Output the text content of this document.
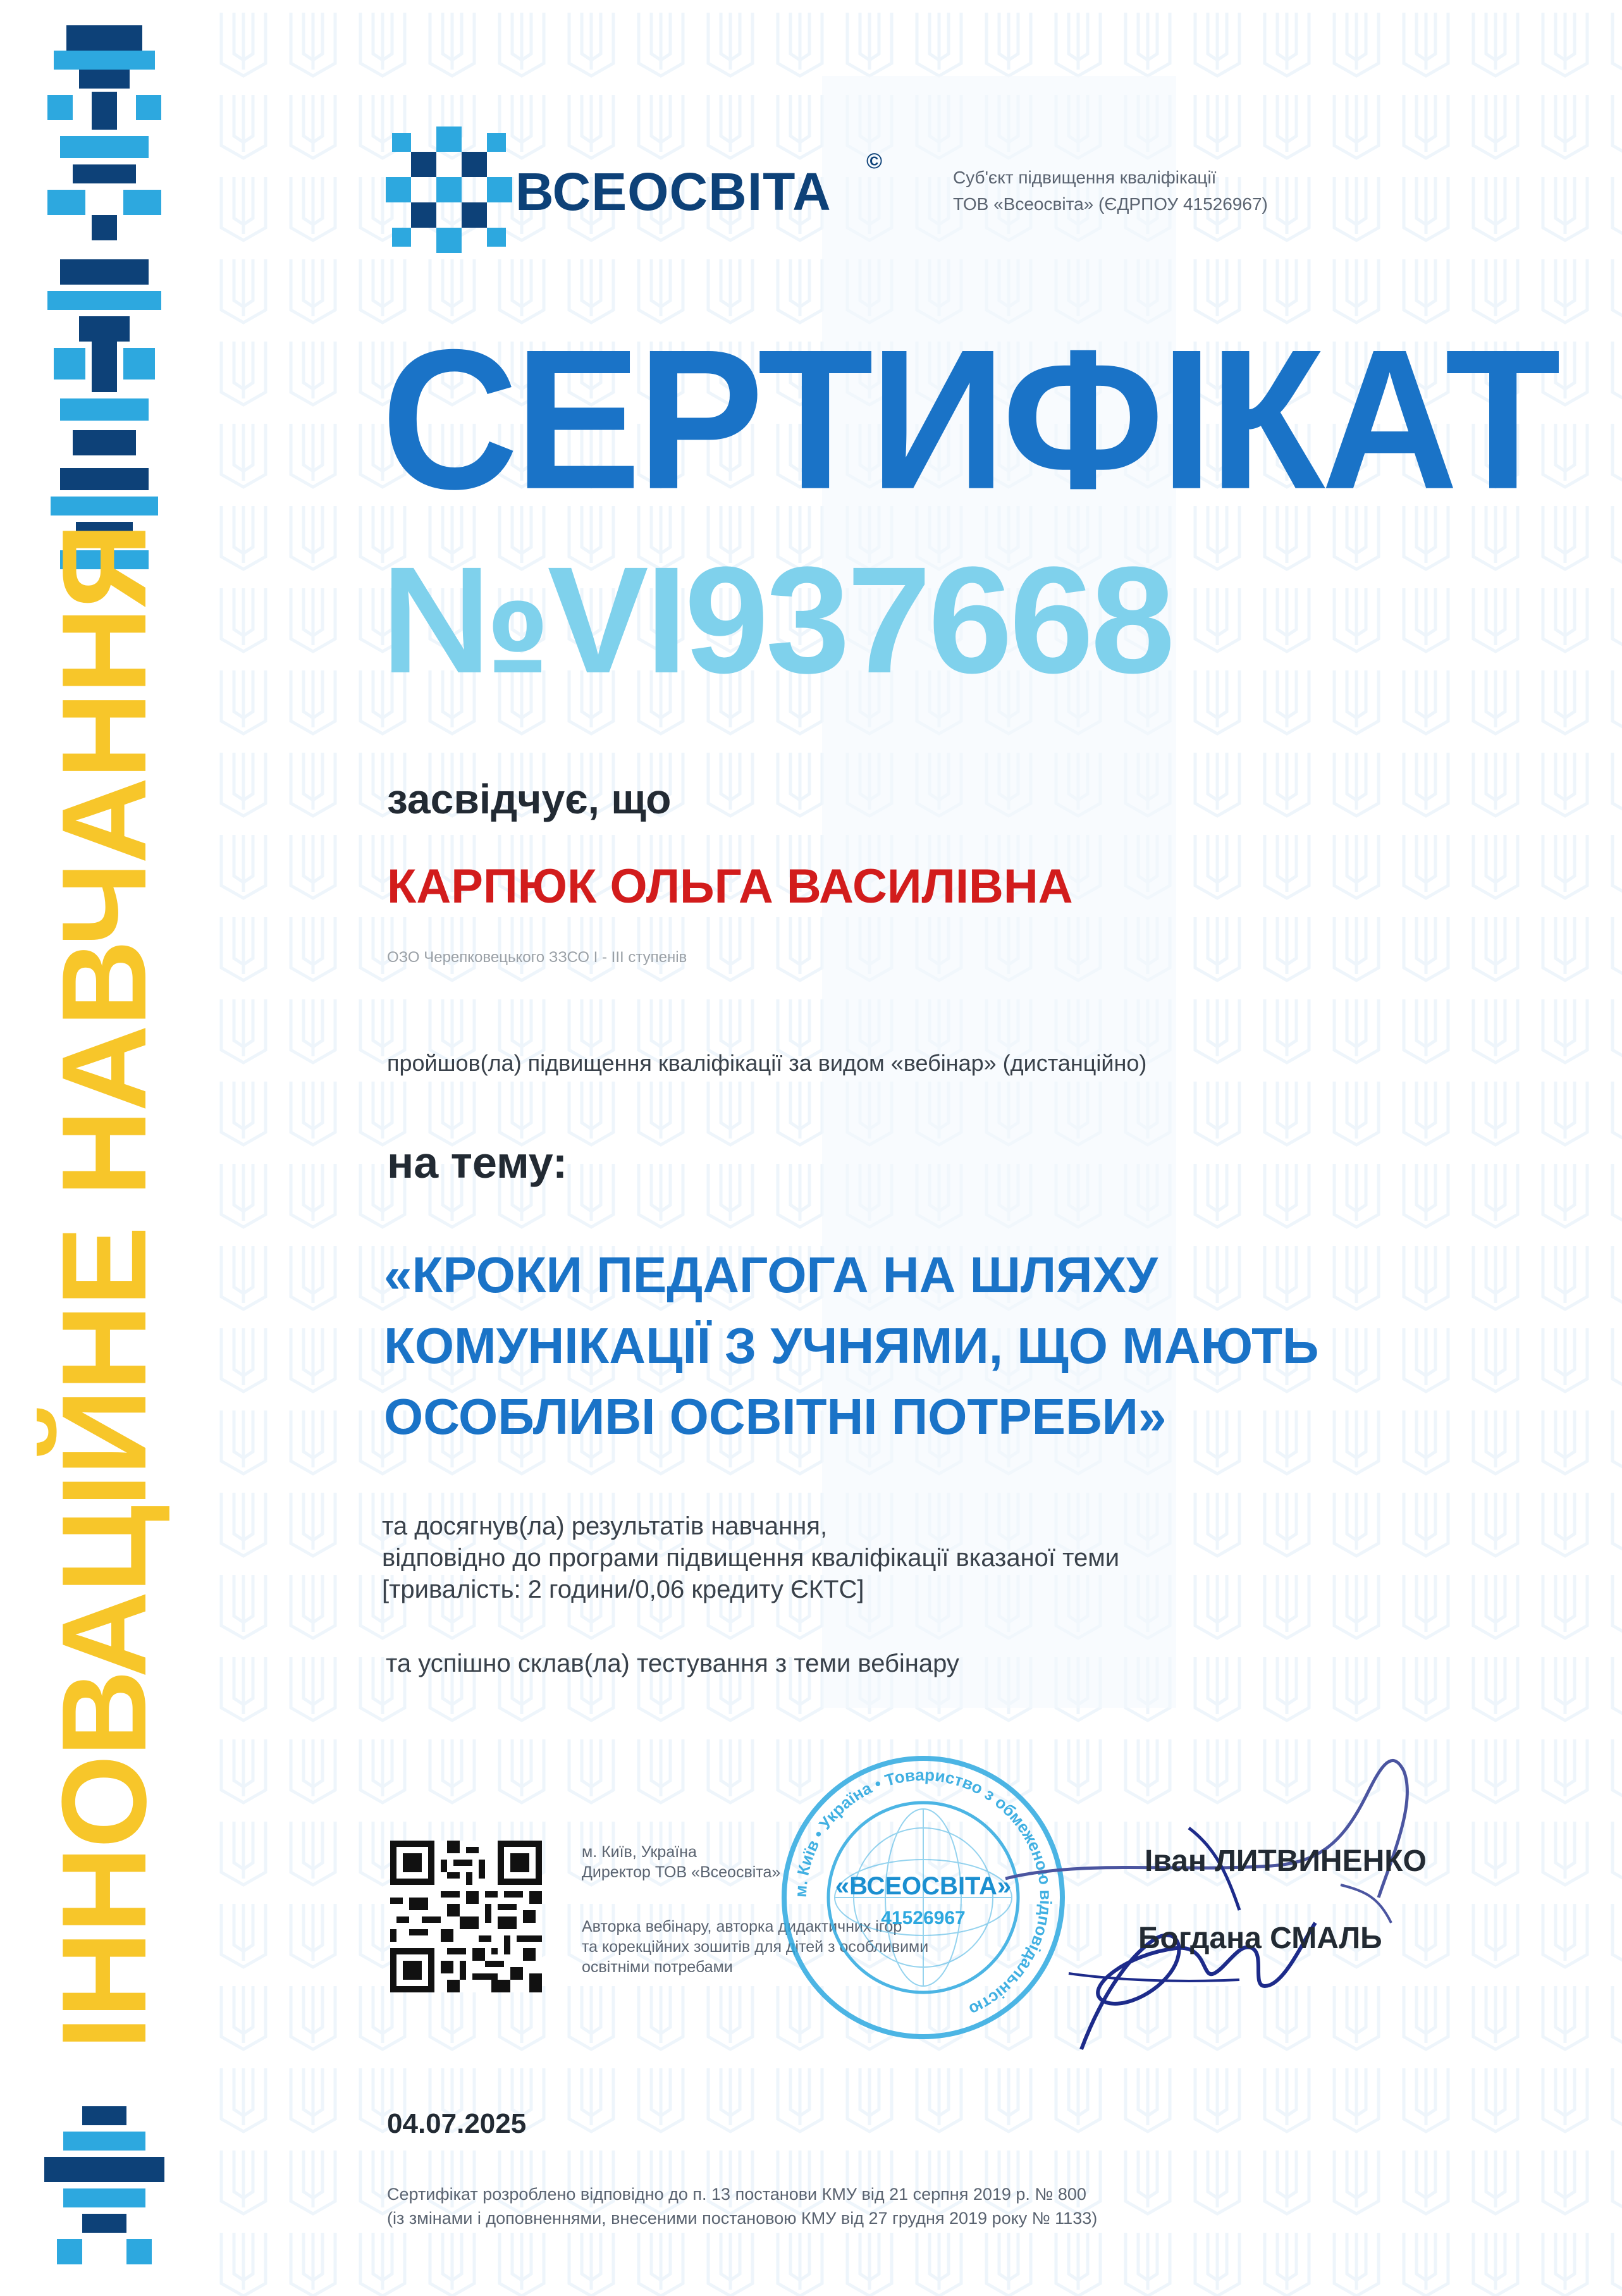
ІННОВАЦІЙНЕ НАВЧАННЯ
ВСЕОСВІТА
©
Суб'єкт підвищення кваліфікації
ТОВ «Всеосвіта» (ЄДРПОУ 41526967)
СЕРТИФІКАТ
№VI937668
засвідчує, що
КАРПЮК ОЛЬГА ВАСИЛІВНА
ОЗО Черепковецького ЗЗСО I - III ступенів
пройшов(ла) підвищення кваліфікації за видом «вебінар» (дистанційно)
на тему:
«КРОКИ ПЕДАГОГА НА ШЛЯХУ
КОМУНІКАЦІЇ З УЧНЯМИ, ЩО МАЮТЬ
ОСОБЛИВІ ОСВІТНІ ПОТРЕБИ»
та досягнув(ла) результатів навчання,
відповідно до програми підвищення кваліфікації вказаної теми
[тривалість: 2 години/0,06 кредиту ЄКТС]
та успішно склав(ла) тестування з теми вебінару
м. Київ, Україна
Директор ТОВ «Всеосвіта»
Авторка вебінару, авторка дидактичних ігор
та корекційних зошитів для дітей з особливими
освітніми потребами
м. Київ • Україна • Товариство з обмеженою відповідальністю
«ВСЕОСВІТА»
41526967
Іван ЛИТВИНЕНКО
Богдана СМАЛЬ
04.07.2025
Сертифікат розроблено відповідно до п. 13 постанови КМУ від 21 серпня 2019 р. № 800
(із змінами і доповненнями, внесеними постановою КМУ від 27 грудня 2019 року № 1133)
